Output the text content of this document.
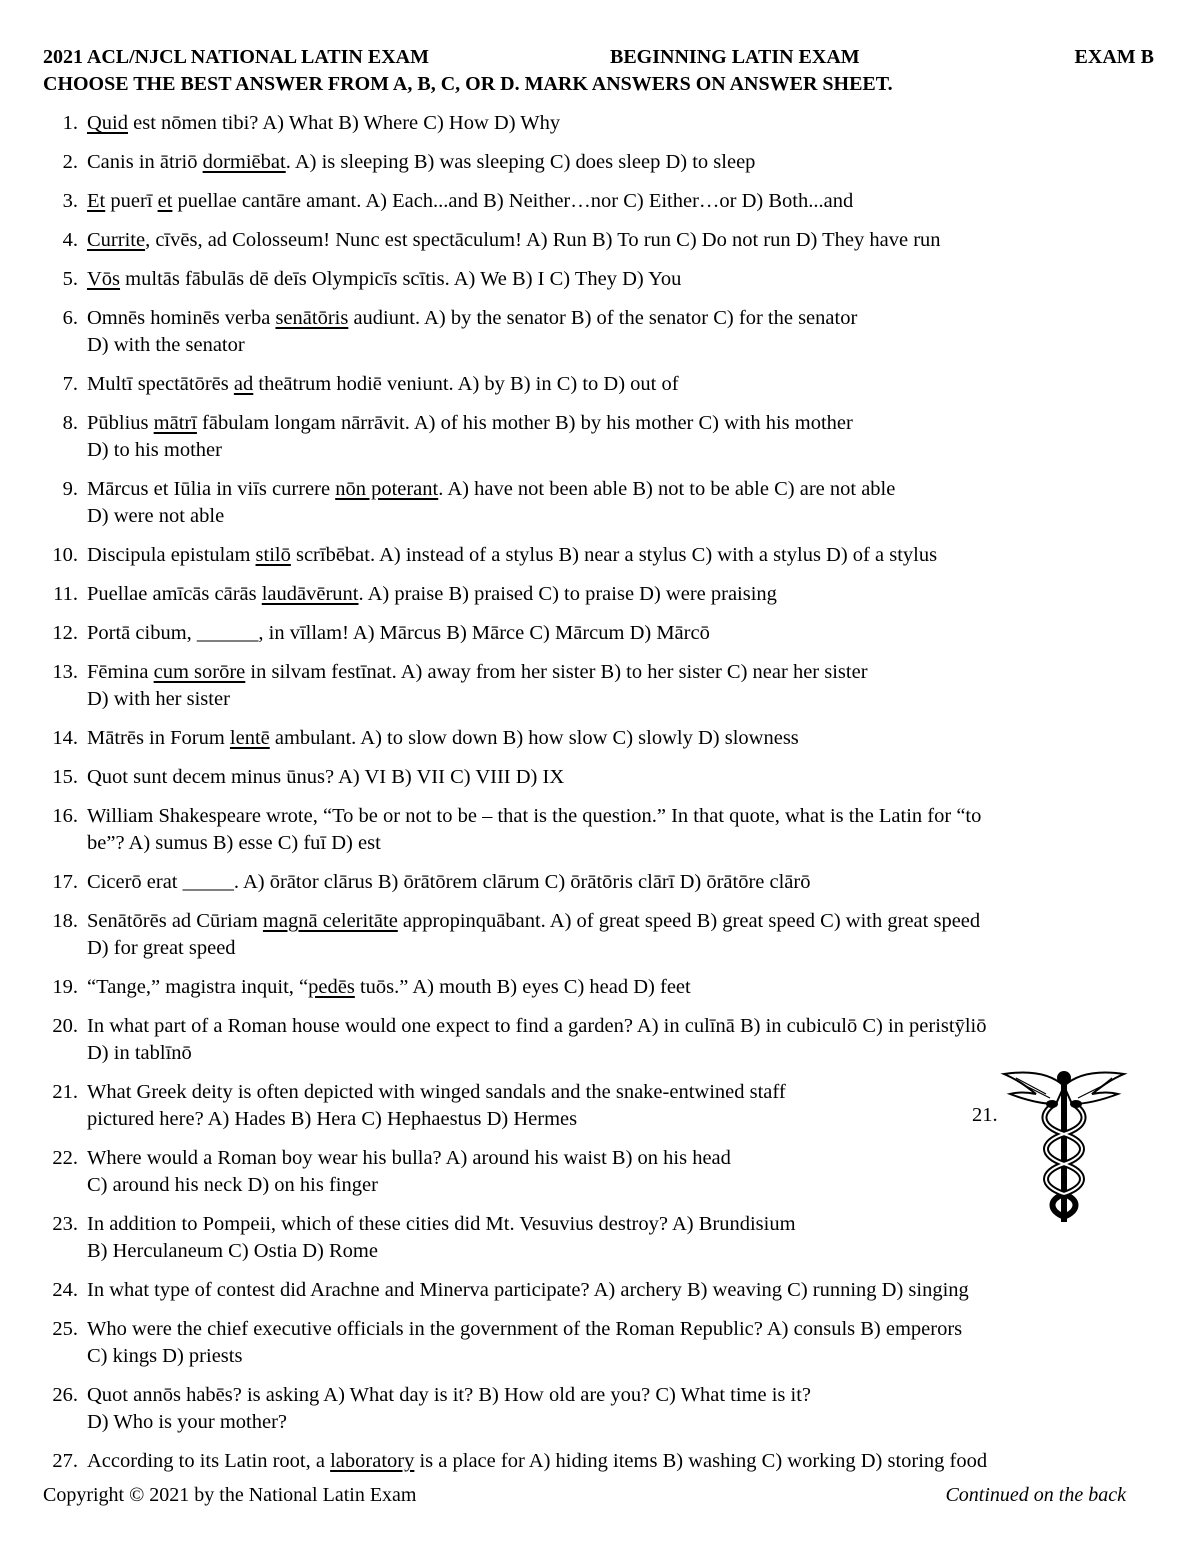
2021 ACL/NJCL NATIONAL LATIN EXAM	BEGINNING LATIN EXAM	EXAM B
CHOOSE THE BEST ANSWER FROM A, B, C, OR D. MARK ANSWERS ON ANSWER SHEET.
1. Quid est nōmen tibi? A) What B) Where C) How D) Why
2. Canis in ātriō dormiēbat. A) is sleeping B) was sleeping C) does sleep D) to sleep
3. Et puerī et puellae cantāre amant. A) Each...and B) Neither…nor C) Either…or D) Both...and
4. Currite, cīvēs, ad Colosseum! Nunc est spectāculum! A) Run B) To run C) Do not run D) They have run
5. Vōs multās fābulās dē deīs Olympicīs scītis. A) We B) I C) They D) You
6. Omnēs hominēs verba senātōris audiunt. A) by the senator B) of the senator C) for the senator
D) with the senator
7. Multī spectātōrēs ad theātrum hodiē veniunt. A) by B) in C) to D) out of
8. Pūblius mātrī fābulam longam nārrāvit. A) of his mother B) by his mother C) with his mother
D) to his mother
9. Mārcus et Iūlia in viīs currere nōn poterant. A) have not been able B) not to be able C) are not able
D) were not able
10. Discipula epistulam stilō scrībēbat. A) instead of a stylus B) near a stylus C) with a stylus D) of a stylus
11. Puellae amīcās cārās laudāvērunt. A) praise B) praised C) to praise D) were praising
12. Portā cibum, ______, in vīllam! A) Mārcus B) Mārce C) Mārcum D) Mārcō
13. Fēmina cum sorōre in silvam festīnat. A) away from her sister B) to her sister C) near her sister
D) with her sister
14. Mātrēs in Forum lentē ambulant. A) to slow down B) how slow C) slowly D) slowness
15. Quot sunt decem minus ūnus? A) VI B) VII C) VIII D) IX
16. William Shakespeare wrote, “To be or not to be – that is the question.” In that quote, what is the Latin for “to
be”? A) sumus B) esse C) fuī D) est
17. Cicerō erat _____. A) ōrātor clārus B) ōrātōrem clārum C) ōrātōris clārī D) ōrātōre clārō
18. Senātōrēs ad Cūriam magnā celeritāte appropinquābant. A) of great speed B) great speed C) with great speed
D) for great speed
19. “Tange,” magistra inquit, “pedēs tuōs.” A) mouth B) eyes C) head D) feet
20. In what part of a Roman house would one expect to find a garden? A) in culīnā B) in cubiculō C) in peristӯliō
D) in tablīnō
21. What Greek deity is often depicted with winged sandals and the snake-entwined staff
pictured here? A) Hades B) Hera C) Hephaestus D) Hermes
22. Where would a Roman boy wear his bulla? A) around his waist B) on his head
C) around his neck D) on his finger
23. In addition to Pompeii, which of these cities did Mt. Vesuvius destroy? A) Brundisium
B) Herculaneum C) Ostia D) Rome
24. In what type of contest did Arachne and Minerva participate? A) archery B) weaving C) running D) singing
25. Who were the chief executive officials in the government of the Roman Republic? A) consuls B) emperors
C) kings D) priests
26. Quot annōs habēs? is asking A) What day is it? B) How old are you? C) What time is it?
D) Who is your mother?
27. According to its Latin root, a laboratory is a place for A) hiding items B) washing C) working D) storing food
21.
Copyright © 2021 by the National Latin Exam	Continued on the back
